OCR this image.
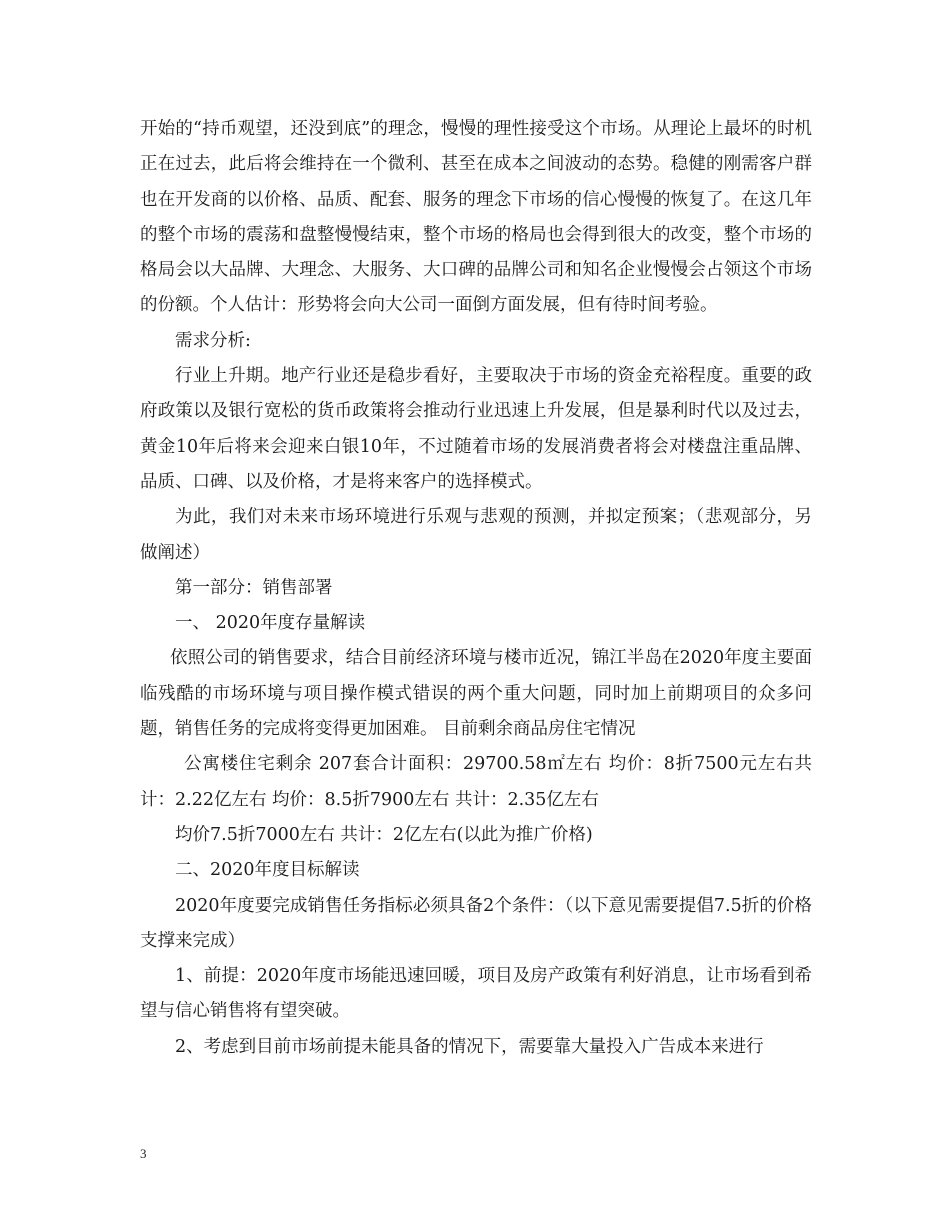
开始的“持币观望，还没到底”的理念，慢慢的理性接受这个市场。从理论上最坏的时机正在过去，此后将会维持在一个微利、甚至在成本之间波动的态势。稳健的刚需客户群也在开发商的以价格、品质、配套、服务的理念下市场的信心慢慢的恢复了。在这几年的整个市场的震荡和盘整慢慢结束，整个市场的格局也会得到很大的改变，整个市场的格局会以大品牌、大理念、大服务、大口碑的品牌公司和知名企业慢慢会占领这个市场的份额。个人估计：形势将会向大公司一面倒方面发展，但有待时间考验。

需求分析:

行业上升期。地产行业还是稳步看好，主要取决于市场的资金充裕程度。重要的政府政策以及银行宽松的货币政策将会推动行业迅速上升发展，但是暴利时代以及过去，黄金10年后将来会迎来白银10年，不过随着市场的发展消费者将会对楼盘注重品牌、品质、口碑、以及价格，才是将来客户的选择模式。

为此，我们对未来市场环境进行乐观与悲观的预测，并拟定预案；（悲观部分，另做阐述）

第一部分：销售部署

一、 2020年度存量解读

依照公司的销售要求，结合目前经济环境与楼市近况，锦江半岛在2020年度主要面临残酷的市场环境与项目操作模式错误的两个重大问题，同时加上前期项目的众多问题，销售任务的完成将变得更加困难。 目前剩余商品房住宅情况

公寓楼住宅剩余 207套合计面积：29700.58㎡左右 均价：8折7500元左右共计：2.22亿左右 均价：8.5折7900左右 共计：2.35亿左右

均价7.5折7000左右 共计：2亿左右(以此为推广价格)

二、2020年度目标解读

2020年度要完成销售任务指标必须具备2个条件：（以下意见需要提倡7.5折的价格支撑来完成）

1、前提：2020年度市场能迅速回暖，项目及房产政策有利好消息，让市场看到希望与信心销售将有望突破。

2、考虑到目前市场前提未能具备的情况下，需要靠大量投入广告成本来进行

3
